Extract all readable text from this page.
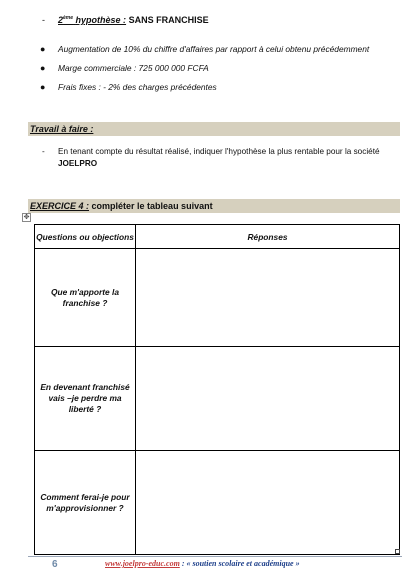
- 2ème hypothèse : SANS FRANCHISE
● Augmentation de 10% du chiffre d'affaires par rapport à celui obtenu précédemment
● Marge commerciale : 725 000 000 FCFA
● Frais fixes : - 2% des charges précédentes
Travail à faire :
- En tenant compte du résultat réalisé, indiquer l'hypothèse la plus rentable pour la société JOELPRO
EXERCICE 4 : compléter le tableau suivant
✥
Questions ou objections	Réponses
Que m'apporte la franchise ?	
En devenant franchisé vais –je perdre ma liberté ?	
Comment ferai-je pour m'approvisionner ?	
6	www.joelpro-educ.com : « soutien scolaire et académique »
